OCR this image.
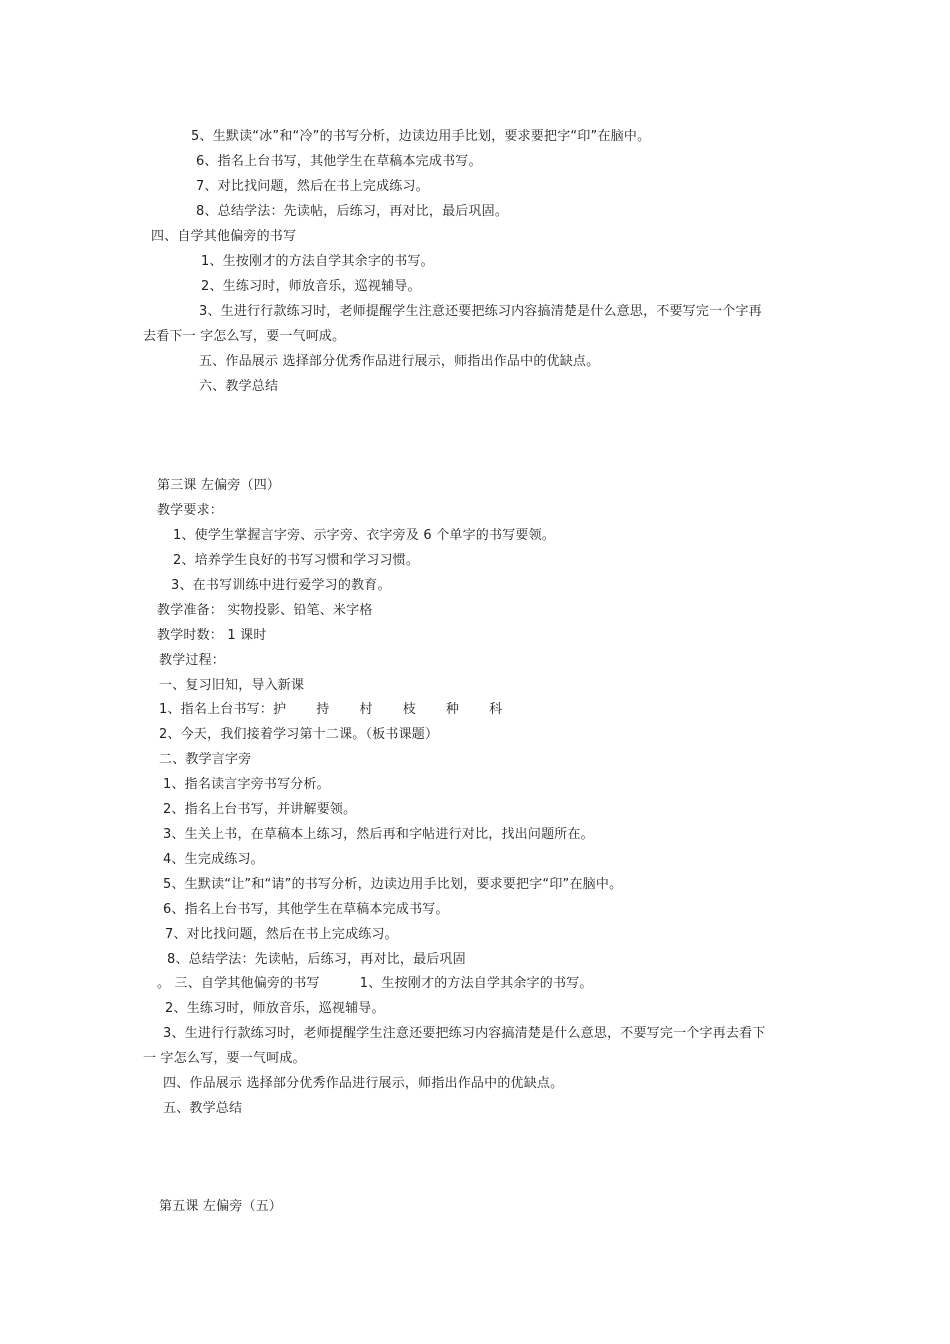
5、生默读“冰”和“冷”的书写分析，边读边用手比划，要求要把字“印”在脑中。
6、指名上台书写，其他学生在草稿本完成书写。
7、对比找问题，然后在书上完成练习。
8、总结学法：先读帖，后练习，再对比，最后巩固。
四、自学其他偏旁的书写
1、生按刚才的方法自学其余字的书写。
2、生练习时，师放音乐，巡视辅导。
3、生进行行款练习时，老师提醒学生注意还要把练习内容搞清楚是什么意思，不要写完一个字再
去看下一 字怎么写，要一气呵成。
五、作品展示 选择部分优秀作品进行展示，师指出作品中的优缺点。
六、教学总结
第三课 左偏旁（四）
教学要求：
1、使学生掌握言字旁、示字旁、衣字旁及 6 个单字的书写要领。
2、培养学生良好的书写习惯和学习习惯。
3、在书写训练中进行爱学习的教育。
教学准备： 实物投影、铅笔、米字格
教学时数： 1 课时
教学过程：
一、复习旧知，导入新课
1、指名上台书写：护 持 村 枝 种 科
2、今天，我们接着学习第十二课。（板书课题）
二、教学言字旁
1、指名读言字旁书写分析。
2、指名上台书写，并讲解要领。
3、生关上书，在草稿本上练习，然后再和字帖进行对比，找出问题所在。
4、生完成练习。
5、生默读“让”和“请”的书写分析，边读边用手比划，要求要把字“印”在脑中。
6、指名上台书写，其他学生在草稿本完成书写。
7、对比找问题，然后在书上完成练习。
8、总结学法：先读帖，后练习，再对比，最后巩固
。 三、自学其他偏旁的书写	1、生按刚才的方法自学其余字的书写。
2、生练习时，师放音乐，巡视辅导。
3、生进行行款练习时，老师提醒学生注意还要把练习内容搞清楚是什么意思，不要写完一个字再去看下
一 字怎么写，要一气呵成。
四、作品展示 选择部分优秀作品进行展示，师指出作品中的优缺点。
五、教学总结
第五课 左偏旁（五）
